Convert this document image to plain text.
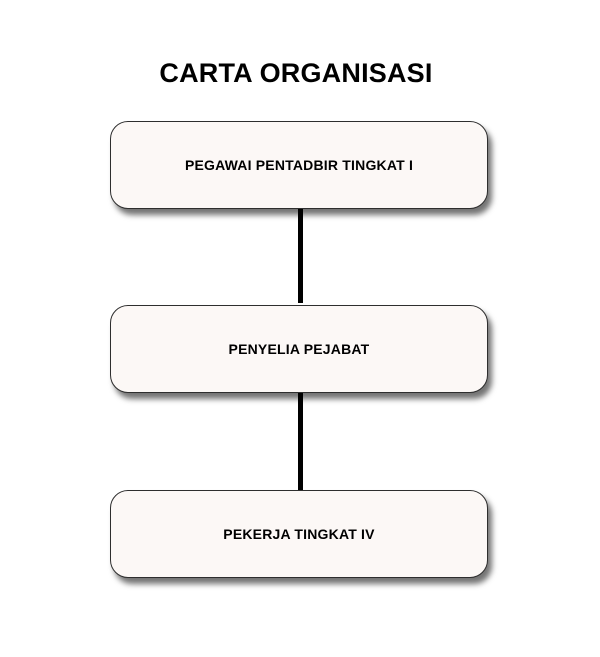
CARTA ORGANISASI
PEGAWAI PENTADBIR TINGKAT I
PENYELIA PEJABAT
PEKERJA TINGKAT IV
